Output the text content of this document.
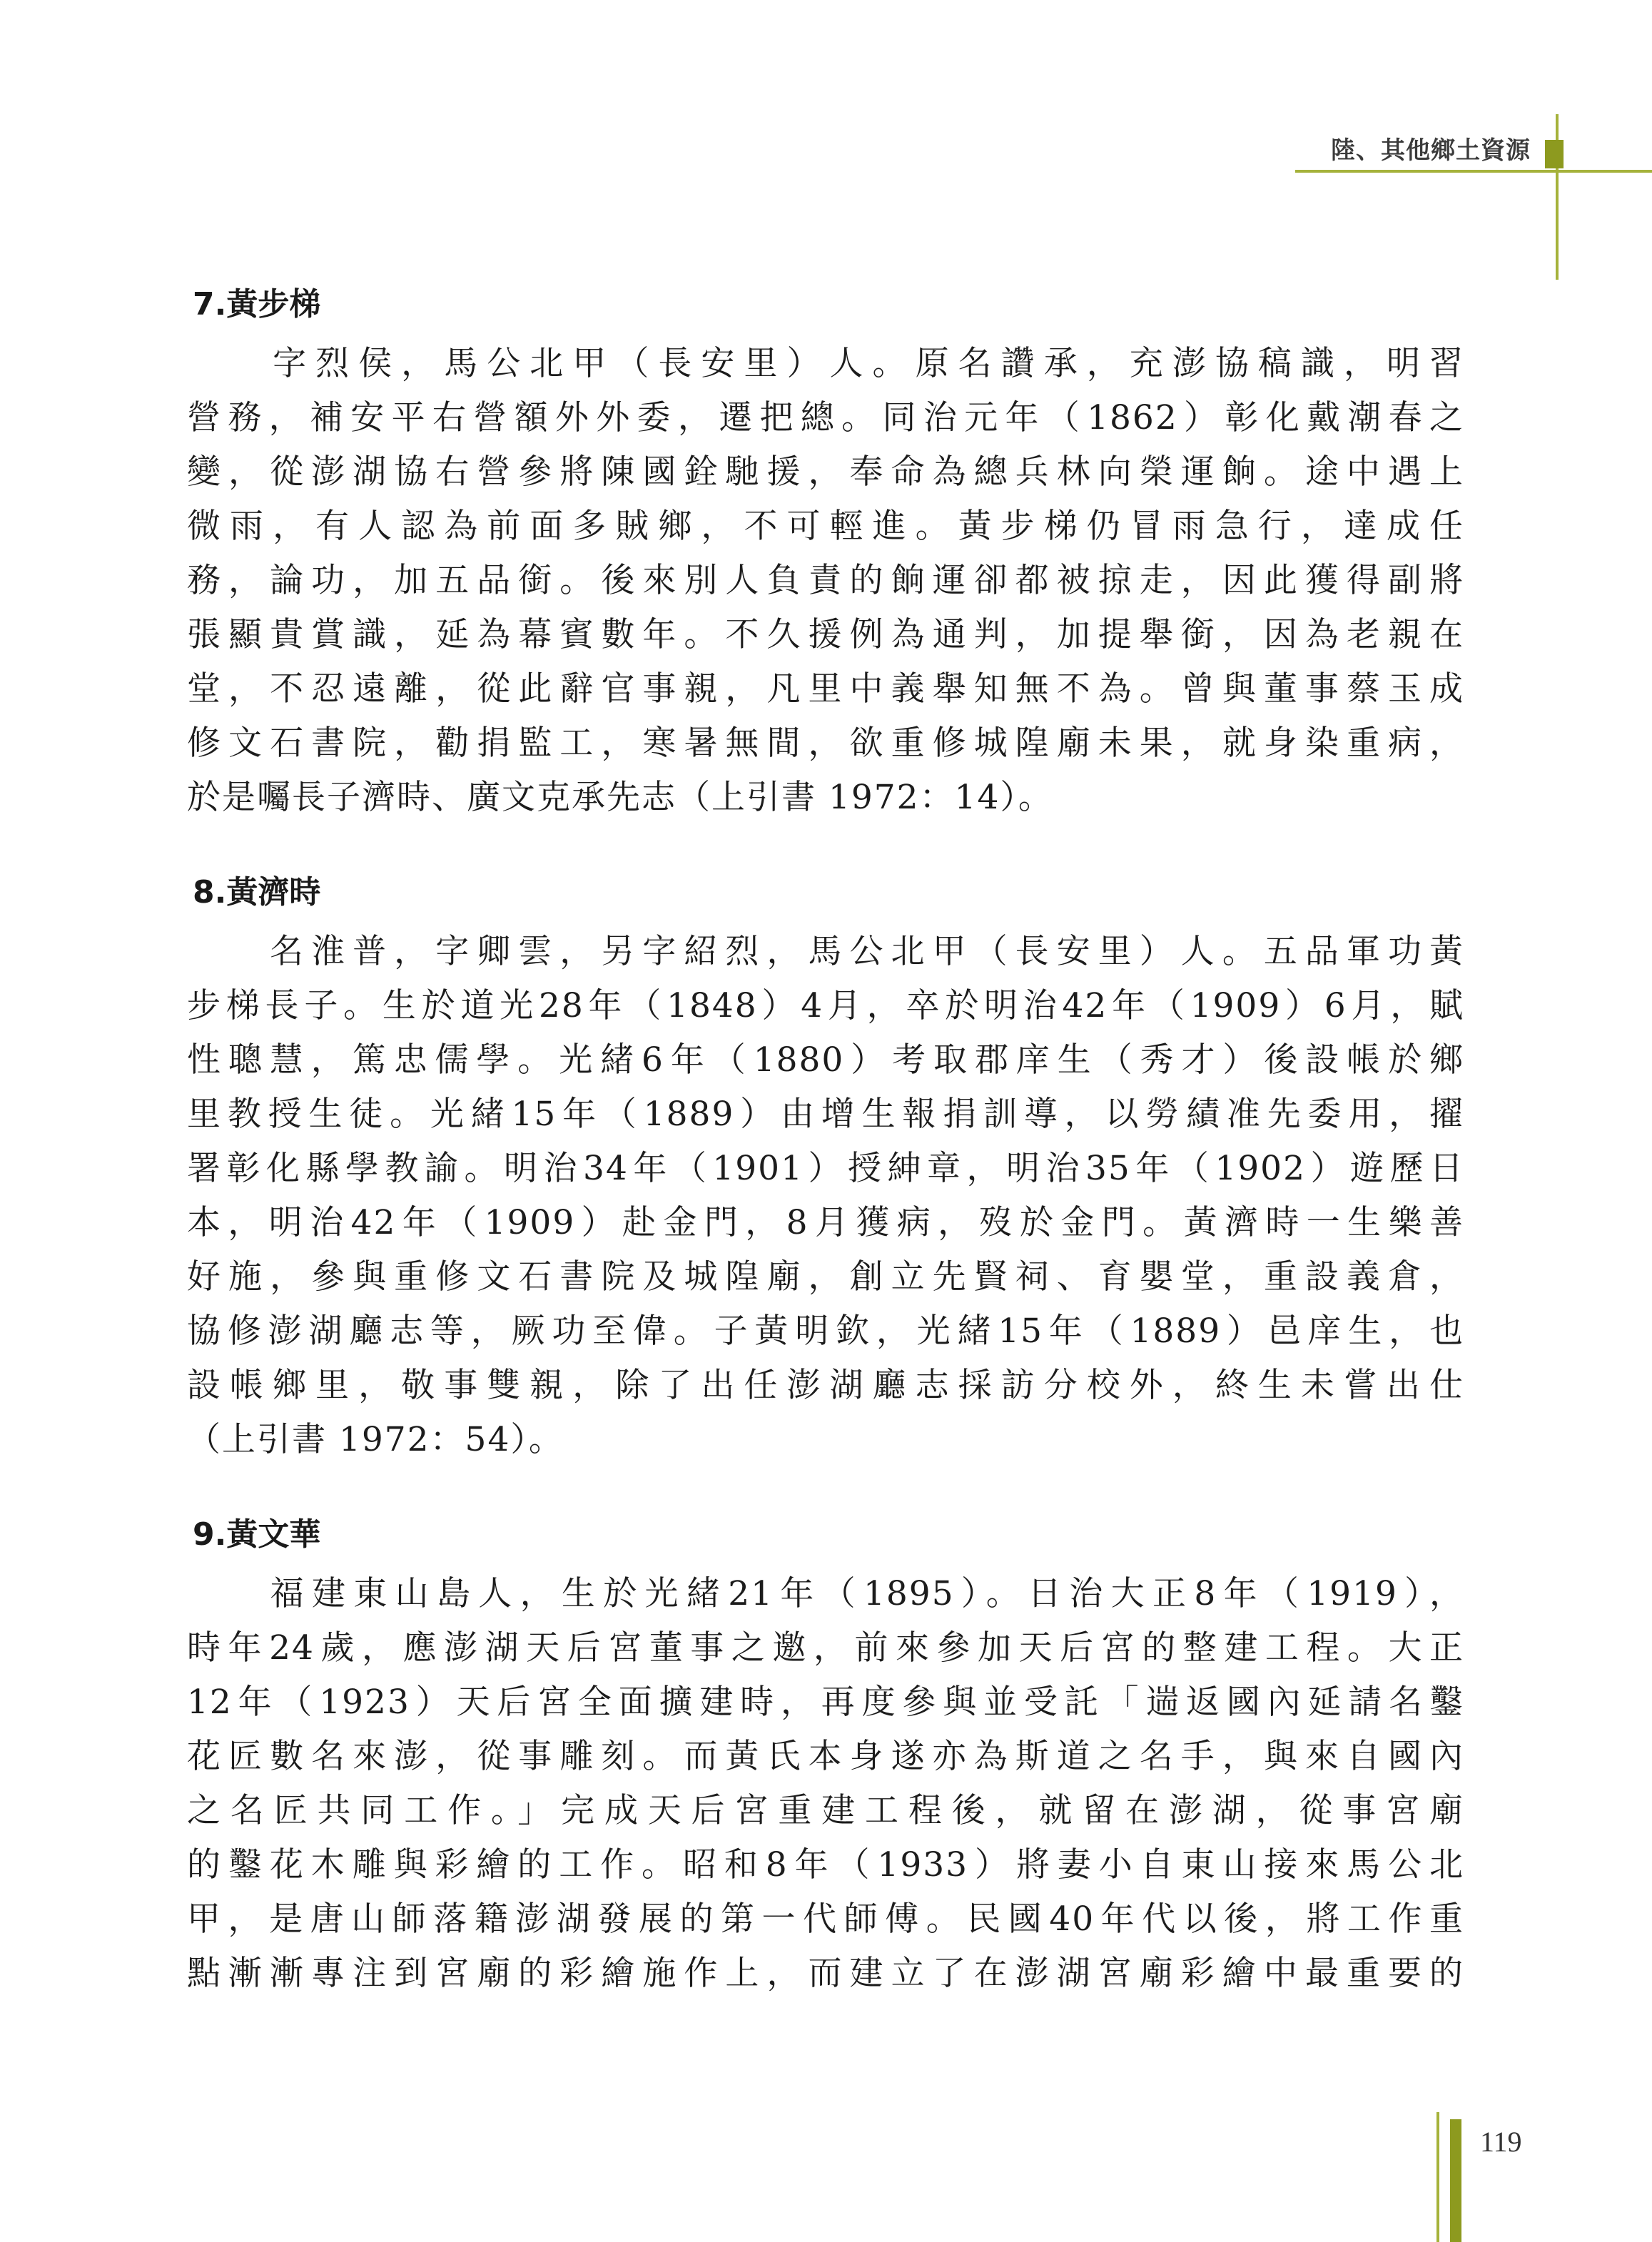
陸、其他鄉土資源
7.黃步梯
　　字烈侯，馬公北甲（長安里）人。原名讚承，充澎協稿識，明習
營務，補安平右營額外外委，遷把總。同治元年（1862）彰化戴潮春之
變，從澎湖協右營參將陳國銓馳援，奉命為總兵林向榮運餉。途中遇上
微雨，有人認為前面多賊鄉，不可輕進。黃步梯仍冒雨急行，達成任
務，論功，加五品銜。後來別人負責的餉運卻都被掠走，因此獲得副將
張顯貴賞識，延為幕賓數年。不久援例為通判，加提舉銜，因為老親在
堂，不忍遠離，從此辭官事親，凡里中義舉知無不為。曾與董事蔡玉成
修文石書院，勸捐監工，寒暑無間，欲重修城隍廟未果，就身染重病，
於是囑長子濟時、廣文克承先志（上引書 1972：14）。
8.黃濟時
　　名淮普，字卿雲，另字紹烈，馬公北甲（長安里）人。五品軍功黃
步梯長子。生於道光28年（1848）4月，卒於明治42年（1909）6月，賦
性聰慧，篤忠儒學。光緒6年（1880）考取郡庠生（秀才）後設帳於鄉
里教授生徒。光緒15年（1889）由增生報捐訓導，以勞績准先委用，擢
署彰化縣學教諭。明治34年（1901）授紳章，明治35年（1902）遊歷日
本，明治42年（1909）赴金門，8月獲病，歿於金門。黃濟時一生樂善
好施，參與重修文石書院及城隍廟，創立先賢祠、育嬰堂，重設義倉，
協修澎湖廳志等，厥功至偉。子黃明欽，光緒15年（1889）邑庠生，也
設帳鄉里，敬事雙親，除了出任澎湖廳志採訪分校外，終生未嘗出仕
（上引書 1972：54）。
9.黃文華
　　福建東山島人，生於光緒21年（1895）。日治大正8年（1919），
時年24歲，應澎湖天后宮董事之邀，前來參加天后宮的整建工程。大正
12年（1923）天后宮全面擴建時，再度參與並受託「遄返國內延請名鑿
花匠數名來澎，從事雕刻。而黃氏本身遂亦為斯道之名手，與來自國內
之名匠共同工作。」完成天后宮重建工程後，就留在澎湖，從事宮廟
的鑿花木雕與彩繪的工作。昭和8年（1933）將妻小自東山接來馬公北
甲，是唐山師落籍澎湖發展的第一代師傅。民國40年代以後，將工作重
點漸漸專注到宮廟的彩繪施作上，而建立了在澎湖宮廟彩繪中最重要的
119
